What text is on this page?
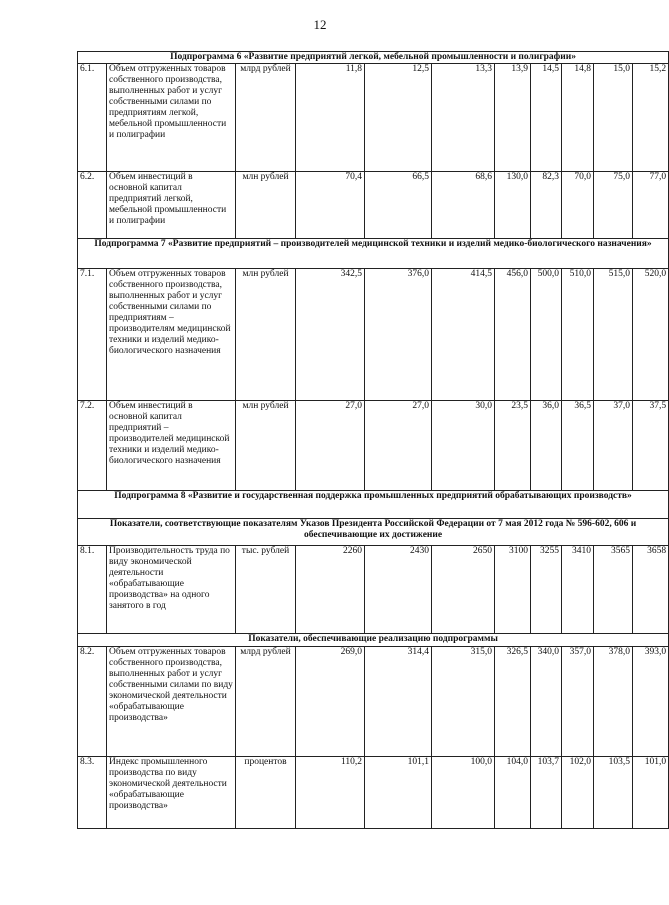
12
Подпрограмма 6 «Развитие предприятий легкой, мебельной промышленности и полиграфии»										
6.1.	Объем отгруженных товаров собственного производства, выполненных работ и услуг собственными силами по предприятиям легкой, мебельной промышленности и полиграфии	млрд рублей	11,8	12,5	13,3	13,9	14,5	14,8	15,0	15,2
6.2.	Объем инвестиций в основной капитал предприятий легкой, мебельной промышленности и полиграфии	млн рублей	70,4	66,5	68,6	130,0	82,3	70,0	75,0	77,0
Подпрограмма 7 «Развитие предприятий – производителей медицинской техники и изделий медико-биологического назначения»										
7.1.	Объем отгруженных товаров собственного производства, выполненных работ и услуг собственными силами по предприятиям – производителям медицинской техники и изделий медико-биологического назначения	млн рублей	342,5	376,0	414,5	456,0	500,0	510,0	515,0	520,0
7.2.	Объем инвестиций в основной капитал предприятий – производителей медицинской техники и изделий медико-биологического назначения	млн рублей	27,0	27,0	30,0	23,5	36,0	36,5	37,0	37,5
Подпрограмма 8 «Развитие и государственная поддержка промышленных предприятий обрабатывающих производств»										
Показатели, соответствующие показателям Указов Президента Российской Федерации от 7 мая 2012 года № 596-602, 606 и обеспечивающие их достижение										
8.1.	Производительность труда по виду экономической деятельности «обрабатывающие производства» на одного занятого в год	тыс. рублей	2260	2430	2650	3100	3255	3410	3565	3658
Показатели, обеспечивающие реализацию подпрограммы										
8.2.	Объем отгруженных товаров собственного производства, выполненных работ и услуг собственными силами по виду экономической деятельности «обрабатывающие производства»	млрд рублей	269,0	314,4	315,0	326,5	340,0	357,0	378,0	393,0
8.3.	Индекс промышленного производства по виду экономической деятельности «обрабатывающие производства»	процентов	110,2	101,1	100,0	104,0	103,7	102,0	103,5	101,0
